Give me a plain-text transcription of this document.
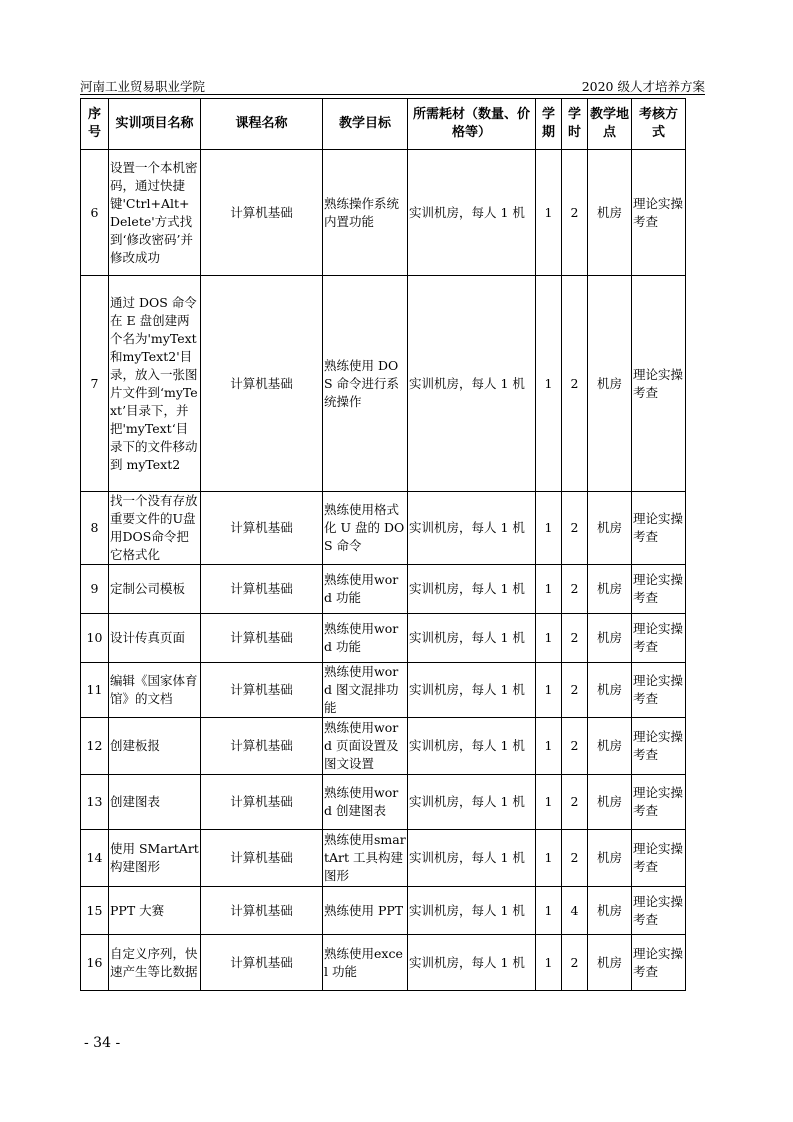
河南工业贸易职业学院	2020 级人才培养方案
序号	实训项目名称	课程名称	教学目标	所需耗材（数量、价格等）	学期	学时	教学地点	考核方式
6	设置一个本机密码，通过快捷键'Ctrl+Alt+Delete'方式找到‘修改密码’并修改成功	计算机基础	熟练操作系统内置功能	实训机房，每人 1 机	1	2	机房	理论实操考查
7	通过 DOS 命令在 E 盘创建两个名为'myText 和myText2'目录，放入一张图片文件到‘myText’目录下，并把'myText‘目录下的文件移动到 myText2	计算机基础	熟练使用 DOS 命令进行系统操作	实训机房，每人 1 机	1	2	机房	理论实操考查
8	找一个没有存放重要文件的U盘用DOS命令把它格式化	计算机基础	熟练使用格式化 U 盘的 DOS 命令	实训机房，每人 1 机	1	2	机房	理论实操考查
9	定制公司模板	计算机基础	熟练使用word 功能	实训机房，每人 1 机	1	2	机房	理论实操考查
10	设计传真页面	计算机基础	熟练使用word 功能	实训机房，每人 1 机	1	2	机房	理论实操考查
11	编辑《国家体育馆》的文档	计算机基础	熟练使用word 图文混排功能	实训机房，每人 1 机	1	2	机房	理论实操考查
12	创建板报	计算机基础	熟练使用word 页面设置及图文设置	实训机房，每人 1 机	1	2	机房	理论实操考查
13	创建图表	计算机基础	熟练使用word 创建图表	实训机房，每人 1 机	1	2	机房	理论实操考查
14	使用 SMartArt构建图形	计算机基础	熟练使用smartArt 工具构建图形	实训机房，每人 1 机	1	2	机房	理论实操考查
15	PPT 大赛	计算机基础	熟练使用 PPT	实训机房，每人 1 机	1	4	机房	理论实操考查
16	自定义序列，快速产生等比数据	计算机基础	熟练使用excel 功能	实训机房，每人 1 机	1	2	机房	理论实操考查
- 34 -
